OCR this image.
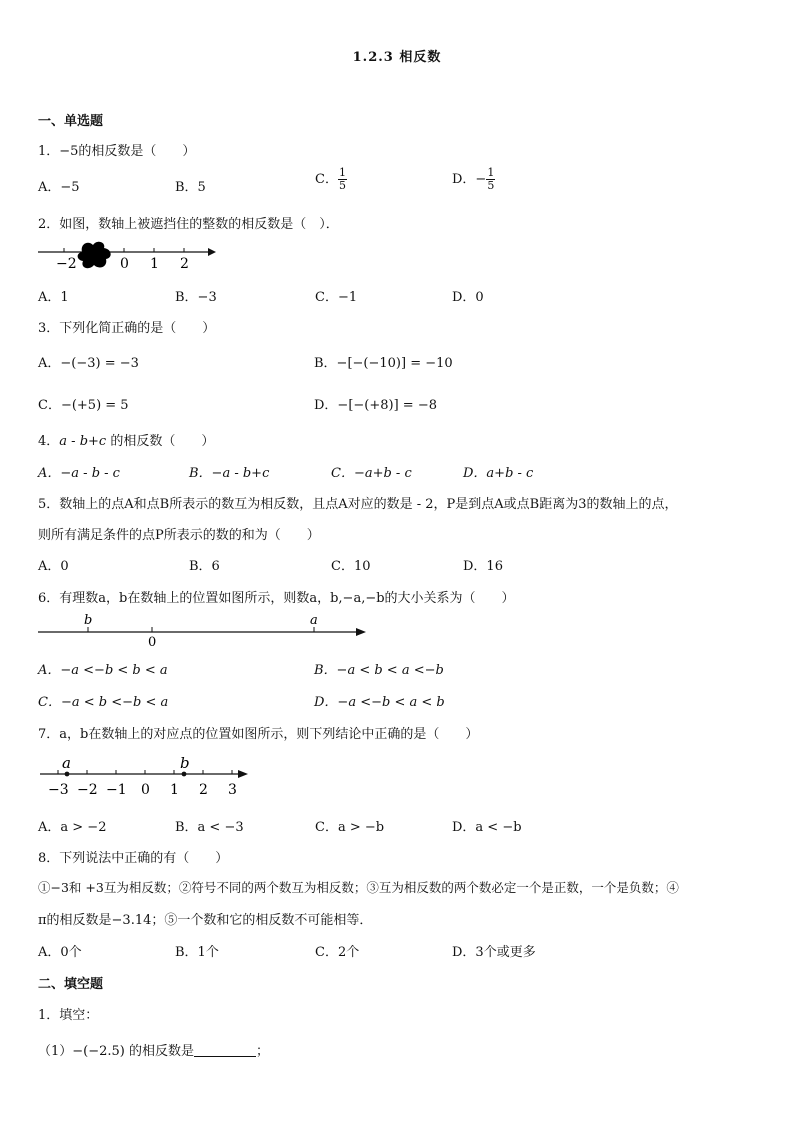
1.2.3 相反数
一、单选题
1．−5的相反数是（　　）
A．−5	B．5
C． $\frac{1}{5}$	D．− $\frac{1}{5}$
2．如图，数轴上被遮挡住的整数的相反数是（　）．
−2	0 1 2
A．1	B．−3	C．−1	D．0
3．下列化简正确的是（　　）
A．−(−3) = −3	B．−[−(−10)] = −10
C．−(+5) = 5	D．−[−(+8)] = −8
4．a - b+c 的相反数（　　）
A．−a - b - c	B．−a - b+c	C．−a+b - c	D．a+b - c
5．数轴上的点A和点B所表示的数互为相反数，且点A对应的数是 - 2，P是到点A或点B距离为3的数轴上的点，
则所有满足条件的点P所表示的数的和为（　　）
A．0	B．6	C．10	D．16
6．有理数a，b在数轴上的位置如图所示，则数a，b,−a,−b的大小关系为（　　）
b
0
a
A．−a <−b < b < a	B．−a < b < a <−b
C．−a < b <−b < a	D．−a <−b < a < b
7．a，b在数轴上的对应点的位置如图所示，则下列结论中正确的是（　　）
a	b
−3 −2 −1 0 1 2 3
A．a > −2	B．a < −3	C．a > −b	D．a < −b
8．下列说法中正确的有（　　）
①−3和 +3互为相反数；②符号不同的两个数互为相反数；③互为相反数的两个数必定一个是正数，一个是负数；④
π的相反数是−3.14；⑤一个数和它的相反数不可能相等．
A．0个	B．1个	C．2个	D．3个或更多
二、填空题
1．填空：
（1）−(−2.5) 的相反数是	；
